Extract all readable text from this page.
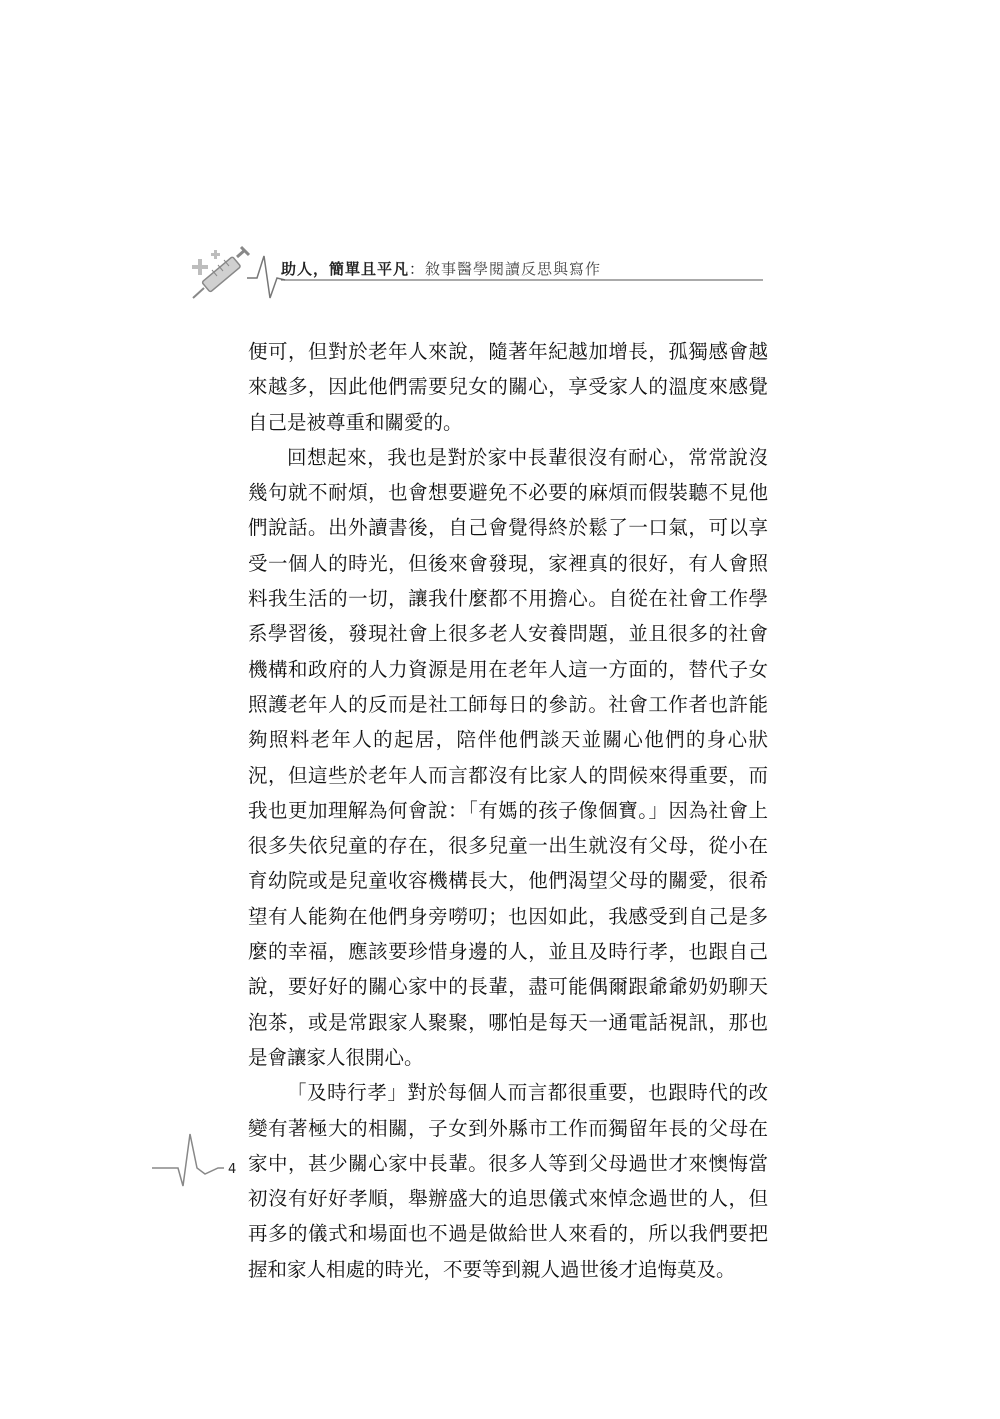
助人，簡單且平凡：敘事醫學閱讀反思與寫作

便可，但對於老年人來說，隨著年紀越加增長，孤獨感會越來越多，因此他們需要兒女的關心，享受家人的溫度來感覺自己是被尊重和關愛的。

回想起來，我也是對於家中長輩很沒有耐心，常常說沒幾句就不耐煩，也會想要避免不必要的麻煩而假裝聽不見他們說話。出外讀書後，自己會覺得終於鬆了一口氣，可以享受一個人的時光，但後來會發現，家裡真的很好，有人會照料我生活的一切，讓我什麼都不用擔心。自從在社會工作學系學習後，發現社會上很多老人安養問題，並且很多的社會機構和政府的人力資源是用在老年人這一方面的，替代子女照護老年人的反而是社工師每日的參訪。社會工作者也許能夠照料老年人的起居，陪伴他們談天並關心他們的身心狀況，但這些於老年人而言都沒有比家人的問候來得重要，而我也更加理解為何會說：「有媽的孩子像個寶。」因為社會上很多失依兒童的存在，很多兒童一出生就沒有父母，從小在育幼院或是兒童收容機構長大，他們渴望父母的關愛，很希望有人能夠在他們身旁嘮叨；也因如此，我感受到自己是多麼的幸福，應該要珍惜身邊的人，並且及時行孝，也跟自己說，要好好的關心家中的長輩，盡可能偶爾跟爺爺奶奶聊天泡茶，或是常跟家人聚聚，哪怕是每天一通電話視訊，那也是會讓家人很開心。

「及時行孝」對於每個人而言都很重要，也跟時代的改變有著極大的相關，子女到外縣市工作而獨留年長的父母在家中，甚少關心家中長輩。很多人等到父母過世才來懊悔當初沒有好好孝順，舉辦盛大的追思儀式來悼念過世的人，但再多的儀式和場面也不過是做給世人來看的，所以我們要把握和家人相處的時光，不要等到親人過世後才追悔莫及。

4
